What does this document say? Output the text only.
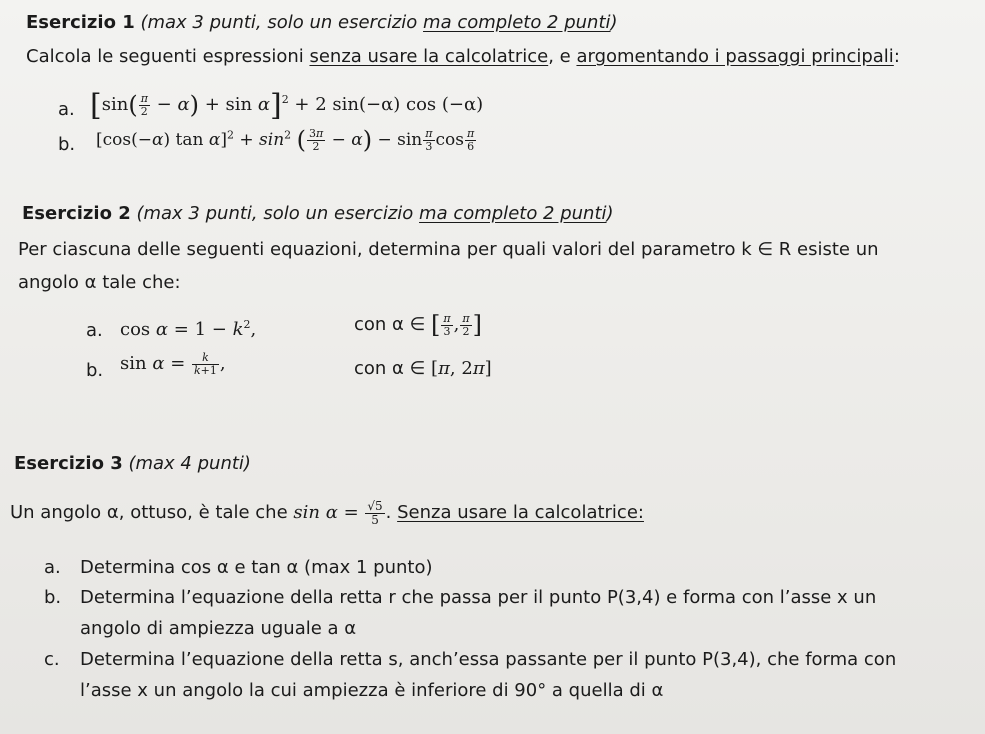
Esercizio 1 (max 3 punti, solo un esercizio ma completo 2 punti)
Calcola le seguenti espressioni senza usare la calcolatrice, e argomentando i passaggi principali:
a. $[\sin( \frac{\pi}{2} - \alpha) + \sin \alpha]^2 + 2$ sin(−α) cos (−α)
b. [cos(−α) $\tan \alpha]^2 + \sin^2$ ( $\frac{3\pi}{2} - \alpha) - \sin \frac{\pi}{3}$ $\cos \frac{\pi}{6}$
Esercizio 2 (max 3 punti, solo un esercizio ma completo 2 punti)
Per ciascuna delle seguenti equazioni, determina per quali valori del parametro k ∈ R esiste un
angolo α tale che:
a. $\cos \alpha = 1 - k^2$,	con α ∈ [ $\frac{\pi}{3}$ , $\frac{\pi}{2}$ ]
b. $\sin \alpha = \frac{k}{k+1}$ ,	con α ∈ [π, 2π]
Esercizio 3 (max 4 punti)
Un angolo α, ottuso, è tale che $\sin \alpha = \frac{√5}{5}$ . Senza usare la calcolatrice:
a. Determina cos α e tan α (max 1 punto)
b. Determina l’equazione della retta r che passa per il punto P(3,4) e forma con l’asse x un
angolo di ampiezza uguale a α
c. Determina l’equazione della retta s, anch’essa passante per il punto P(3,4), che forma con
l’asse x un angolo la cui ampiezza è inferiore di 90° a quella di α
